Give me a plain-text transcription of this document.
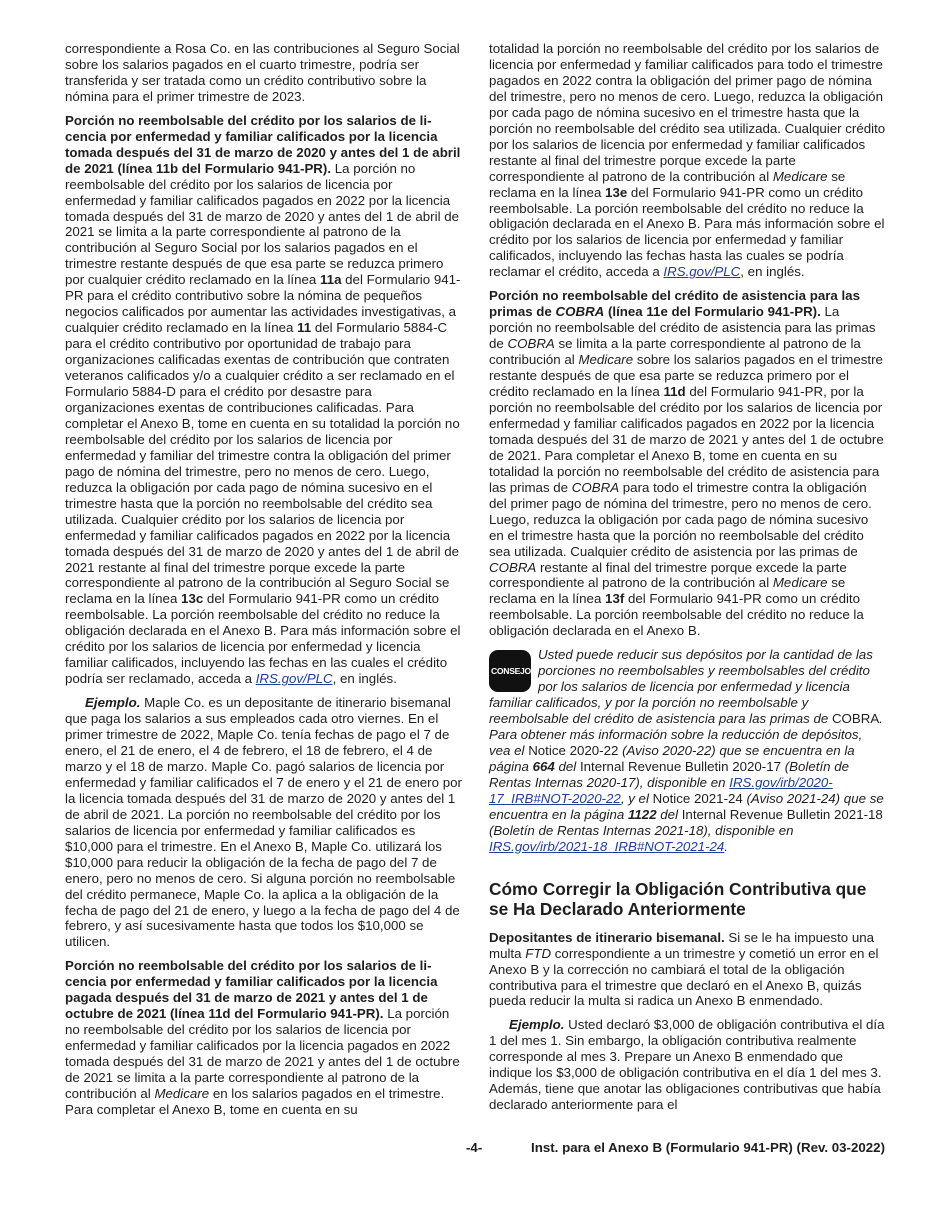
correspondiente a Rosa Co. en las contribuciones al Seguro Social sobre los salarios pagados en el cuarto trimestre, podría ser transferida y ser tratada como un crédito contributivo sobre la nómina para el primer trimestre de 2023.

Porción no reembolsable del crédito por los salarios de li-cencia por enfermedad y familiar calificados por la licencia tomada después del 31 de marzo de 2020 y antes del 1 de abril de 2021 (línea 11b del Formulario 941-PR). La porción no reembolsable del crédito por los salarios de licencia por enfermedad y familiar calificados pagados en 2022 por la licencia tomada después del 31 de marzo de 2020 y antes del 1 de abril de 2021 se limita a la parte correspondiente al patrono de la contribución al Seguro Social por los salarios pagados en el trimestre restante después de que esa parte se reduzca primero por cualquier crédito reclamado en la línea 11a del Formulario 941-PR para el crédito contributivo sobre la nómina de pequeños negocios calificados por aumentar las actividades investigativas, a cualquier crédito reclamado en la línea 11 del Formulario 5884-C para el crédito contributivo por oportunidad de trabajo para organizaciones calificadas exentas de contribución que contraten veteranos calificados y/o a cualquier crédito a ser reclamado en el Formulario 5884-D para el crédito por desastre para organizaciones exentas de contribuciones calificadas. Para completar el Anexo B, tome en cuenta en su totalidad la porción no reembolsable del crédito por los salarios de licencia por enfermedad y familiar del trimestre contra la obligación del primer pago de nómina del trimestre, pero no menos de cero. Luego, reduzca la obligación por cada pago de nómina sucesivo en el trimestre hasta que la porción no reembolsable del crédito sea utilizada. Cualquier crédito por los salarios de licencia por enfermedad y familiar calificados pagados en 2022 por la licencia tomada después del 31 de marzo de 2020 y antes del 1 de abril de 2021 restante al final del trimestre porque excede la parte correspondiente al patrono de la contribución al Seguro Social se reclama en la línea 13c del Formulario 941-PR como un crédito reembolsable. La porción reembolsable del crédito no reduce la obligación declarada en el Anexo B. Para más información sobre el crédito por los salarios de licencia por enfermedad y licencia familiar calificados, incluyendo las fechas en las cuales el crédito podría ser reclamado, acceda a IRS.gov/PLC, en inglés.

Ejemplo. Maple Co. es un depositante de itinerario bisemanal que paga los salarios a sus empleados cada otro viernes. En el primer trimestre de 2022, Maple Co. tenía fechas de pago el 7 de enero, el 21 de enero, el 4 de febrero, el 18 de febrero, el 4 de marzo y el 18 de marzo. Maple Co. pagó salarios de licencia por enfermedad y familiar calificados el 7 de enero y el 21 de enero por la licencia tomada después del 31 de marzo de 2020 y antes del 1 de abril de 2021. La porción no reembolsable del crédito por los salarios de licencia por enfermedad y familiar calificados es $10,000 para el trimestre. En el Anexo B, Maple Co. utilizará los $10,000 para reducir la obligación de la fecha de pago del 7 de enero, pero no menos de cero. Si alguna porción no reembolsable del crédito permanece, Maple Co. la aplica a la obligación de la fecha de pago del 21 de enero, y luego a la fecha de pago del 4 de febrero, y así sucesivamente hasta que todos los $10,000 se utilicen.

Porción no reembolsable del crédito por los salarios de li-cencia por enfermedad y familiar calificados por la licencia pagada después del 31 de marzo de 2021 y antes del 1 de octubre de 2021 (línea 11d del Formulario 941-PR). La porción no reembolsable del crédito por los salarios de licencia por enfermedad y familiar calificados por la licencia pagados en 2022 tomada después del 31 de marzo de 2021 y antes del 1 de octubre de 2021 se limita a la parte correspondiente al patrono de la contribución al Medicare en los salarios pagados en el trimestre. Para completar el Anexo B, tome en cuenta en su

totalidad la porción no reembolsable del crédito por los salarios de licencia por enfermedad y familiar calificados para todo el trimestre pagados en 2022 contra la obligación del primer pago de nómina del trimestre, pero no menos de cero. Luego, reduzca la obligación por cada pago de nómina sucesivo en el trimestre hasta que la porción no reembolsable del crédito sea utilizada. Cualquier crédito por los salarios de licencia por enfermedad y familiar calificados restante al final del trimestre porque excede la parte correspondiente al patrono de la contribución al Medicare se reclama en la línea 13e del Formulario 941-PR como un crédito reembolsable. La porción reembolsable del crédito no reduce la obligación declarada en el Anexo B. Para más información sobre el crédito por los salarios de licencia por enfermedad y familiar calificados, incluyendo las fechas hasta las cuales se podría reclamar el crédito, acceda a IRS.gov/PLC, en inglés.

Porción no reembolsable del crédito de asistencia para las primas de COBRA (línea 11e del Formulario 941-PR). La porción no reembolsable del crédito de asistencia para las primas de COBRA se limita a la parte correspondiente al patrono de la contribución al Medicare sobre los salarios pagados en el trimestre restante después de que esa parte se reduzca primero por el crédito reclamado en la línea 11d del Formulario 941-PR, por la porción no reembolsable del crédito por los salarios de licencia por enfermedad y familiar calificados pagados en 2022 por la licencia tomada después del 31 de marzo de 2021 y antes del 1 de octubre de 2021. Para completar el Anexo B, tome en cuenta en su totalidad la porción no reembolsable del crédito de asistencia para las primas de COBRA para todo el trimestre contra la obligación del primer pago de nómina del trimestre, pero no menos de cero. Luego, reduzca la obligación por cada pago de nómina sucesivo en el trimestre hasta que la porción no reembolsable del crédito sea utilizada. Cualquier crédito de asistencia por las primas de COBRA restante al final del trimestre porque excede la parte correspondiente al patrono de la contribución al Medicare se reclama en la línea 13f del Formulario 941-PR como un crédito reembolsable. La porción reembolsable del crédito no reduce la obligación declarada en el Anexo B.

CONSEJO
Usted puede reducir sus depósitos por la cantidad de las porciones no reembolsables y reembolsables del crédito por los salarios de licencia por enfermedad y licencia familiar calificados, y por la porción no reembolsable y reembolsable del crédito de asistencia para las primas de COBRA. Para obtener más información sobre la reducción de depósitos, vea el Notice 2020-22 (Aviso 2020-22) que se encuentra en la página 664 del Internal Revenue Bulletin 2020-17 (Boletín de Rentas Internas 2020-17), disponible en IRS.gov/irb/2020-17_IRB#NOT-2020-22, y el Notice 2021-24 (Aviso 2021-24) que se encuentra en la página 1122 del Internal Revenue Bulletin 2021-18 (Boletín de Rentas Internas 2021-18), disponible en IRS.gov/irb/2021-18_IRB#NOT-2021-24.
Cómo Corregir la Obligación Contributiva que se Ha Declarado Anteriormente

Depositantes de itinerario bisemanal. Si se le ha impuesto una multa FTD correspondiente a un trimestre y cometió un error en el Anexo B y la corrección no cambiará el total de la obligación contributiva para el trimestre que declaró en el Anexo B, quizás pueda reducir la multa si radica un Anexo B enmendado.

Ejemplo. Usted declaró $3,000 de obligación contributiva el día 1 del mes 1. Sin embargo, la obligación contributiva realmente corresponde al mes 3. Prepare un Anexo B enmendado que indique los $3,000 de obligación contributiva en el día 1 del mes 3. Además, tiene que anotar las obligaciones contributivas que había declarado anteriormente para el

-4-	Inst. para el Anexo B (Formulario 941-PR) (Rev. 03-2022)
